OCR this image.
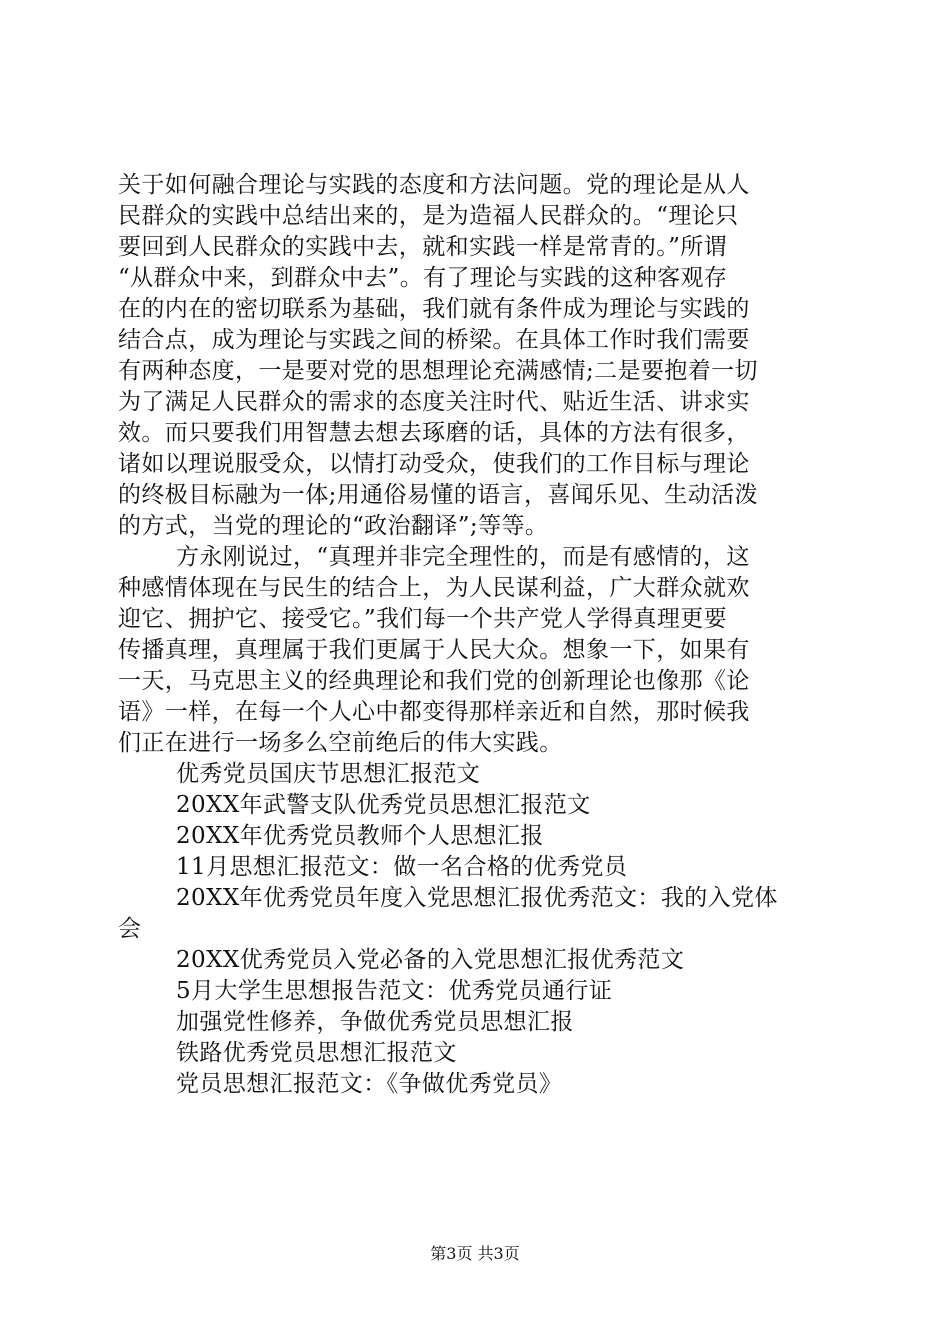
关于如何融合理论与实践的态度和方法问题。党的理论是从人
民群众的实践中总结出来的，是为造福人民群众的。“理论只
要回到人民群众的实践中去，就和实践一样是常青的。”所谓
“从群众中来，到群众中去”。有了理论与实践的这种客观存
在的内在的密切联系为基础，我们就有条件成为理论与实践的
结合点，成为理论与实践之间的桥梁。在具体工作时我们需要
有两种态度，一是要对党的思想理论充满感情;二是要抱着一切
为了满足人民群众的需求的态度关注时代、贴近生活、讲求实
效。而只要我们用智慧去想去琢磨的话，具体的方法有很多，
诸如以理说服受众，以情打动受众，使我们的工作目标与理论
的终极目标融为一体;用通俗易懂的语言，喜闻乐见、生动活泼
的方式，当党的理论的“政治翻译”;等等。
方永刚说过，“真理并非完全理性的，而是有感情的，这
种感情体现在与民生的结合上，为人民谋利益，广大群众就欢
迎它、拥护它、接受它。”我们每一个共产党人学得真理更要
传播真理，真理属于我们更属于人民大众。想象一下，如果有
一天，马克思主义的经典理论和我们党的创新理论也像那《论
语》一样，在每一个人心中都变得那样亲近和自然，那时候我
们正在进行一场多么空前绝后的伟大实践。
优秀党员国庆节思想汇报范文
20XX年武警支队优秀党员思想汇报范文
20XX年优秀党员教师个人思想汇报
11月思想汇报范文：做一名合格的优秀党员
20XX年优秀党员年度入党思想汇报优秀范文：我的入党体
会
20XX优秀党员入党必备的入党思想汇报优秀范文
5月大学生思想报告范文：优秀党员通行证
加强党性修养，争做优秀党员思想汇报
铁路优秀党员思想汇报范文
党员思想汇报范文：《争做优秀党员》
第3页 共3页
